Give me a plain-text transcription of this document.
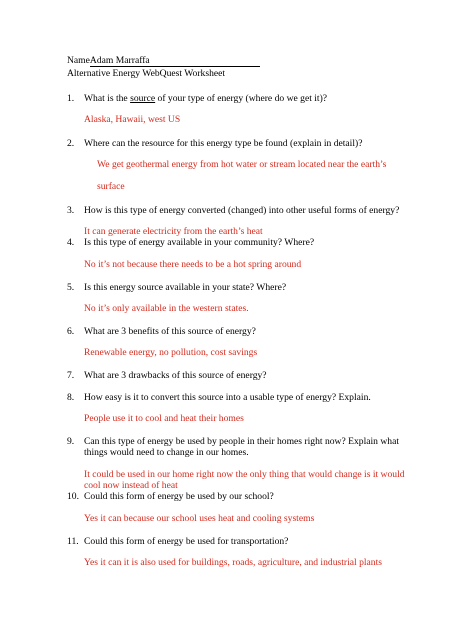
NameAdam Marraffa
Alternative Energy WebQuest Worksheet
1. What is the source of your type of energy (where do we get it)?
Alaska, Hawaii, west US
2. Where can the resource for this energy type be found (explain in detail)?
We get geothermal energy from hot water or stream located near the earth’s
surface
3. How is this type of energy converted (changed) into other useful forms of energy?
It can generate electricity from the earth’s heat
4. Is this type of energy available in your community? Where?
No it’s not because there needs to be a hot spring around
5. Is this energy source available in your state? Where?
No it’s only available in the western states.
6. What are 3 benefits of this source of energy?
Renewable energy, no pollution, cost savings
7. What are 3 drawbacks of this source of energy?
8. How easy is it to convert this source into a usable type of energy? Explain.
People use it to cool and heat their homes
9. Can this type of energy be used by people in their homes right now? Explain what
things would need to change in our homes.
It could be used in our home right now the only thing that would change is it would
cool now instead of heat
10. Could this form of energy be used by our school?
Yes it can because our school uses heat and cooling systems
11. Could this form of energy be used for transportation?
Yes it can it is also used for buildings, roads, agriculture, and industrial plants
